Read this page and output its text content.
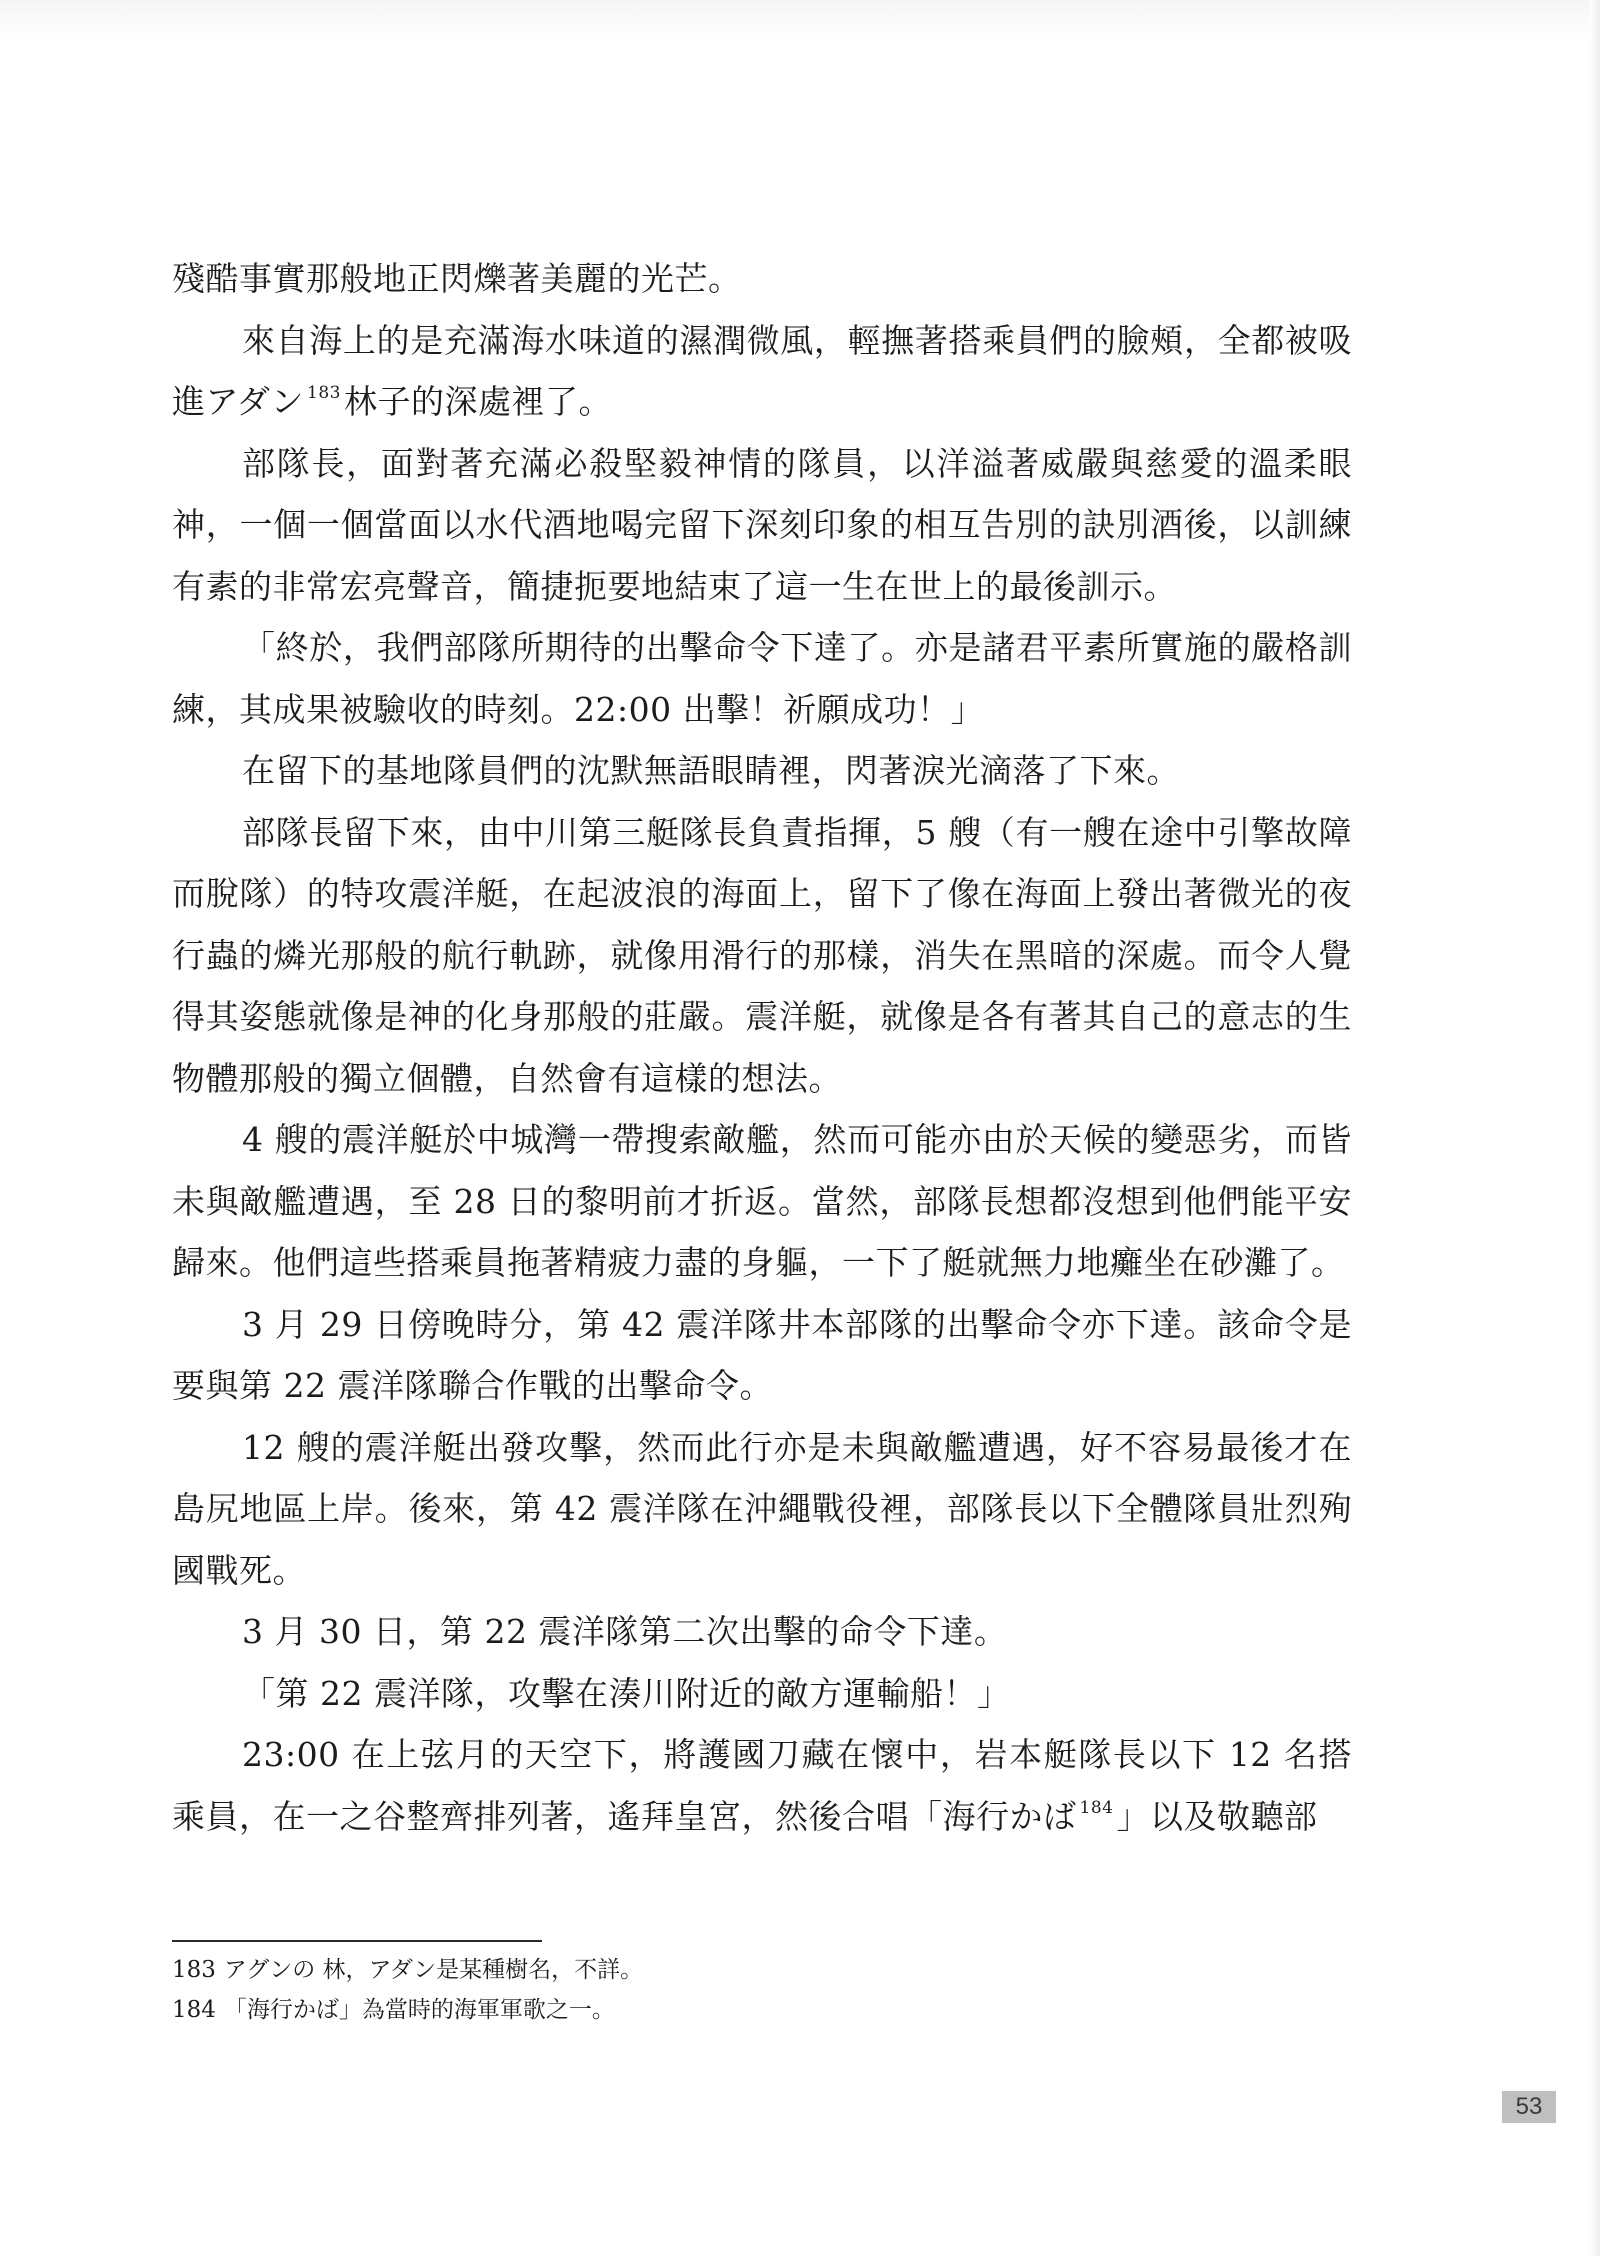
殘酷事實那般地正閃爍著美麗的光芒。

來自海上的是充滿海水味道的濕潤微風，輕撫著搭乘員們的臉頰，全都被吸進アダン $^{183}$林子的深處裡了。

部隊長，面對著充滿必殺堅毅神情的隊員，以洋溢著威嚴與慈愛的溫柔眼神，一個一個當面以水代酒地喝完留下深刻印象的相互告別的訣別酒後，以訓練有素的非常宏亮聲音，簡捷扼要地結束了這一生在世上的最後訓示。

「終於，我們部隊所期待的出擊命令下達了。亦是諸君平素所實施的嚴格訓練，其成果被驗收的時刻。22:00 出擊！祈願成功！」

在留下的基地隊員們的沈默無語眼睛裡，閃著淚光滴落了下來。

部隊長留下來，由中川第三艇隊長負責指揮，5 艘（有一艘在途中引擎故障而脫隊）的特攻震洋艇，在起波浪的海面上，留下了像在海面上發出著微光的夜行蟲的燐光那般的航行軌跡，就像用滑行的那樣，消失在黑暗的深處。而令人覺得其姿態就像是神的化身那般的莊嚴。震洋艇，就像是各有著其自己的意志的生物體那般的獨立個體，自然會有這樣的想法。

4 艘的震洋艇於中城灣一帶搜索敵艦，然而可能亦由於天候的變惡劣，而皆未與敵艦遭遇，至 28 日的黎明前才折返。當然，部隊長想都沒想到他們能平安歸來。他們這些搭乘員拖著精疲力盡的身軀，一下了艇就無力地癱坐在砂灘了。

3 月 29 日傍晚時分，第 42 震洋隊井本部隊的出擊命令亦下達。該命令是要與第 22 震洋隊聯合作戰的出擊命令。

12 艘的震洋艇出發攻擊，然而此行亦是未與敵艦遭遇，好不容易最後才在島尻地區上岸。後來，第 42 震洋隊在沖繩戰役裡，部隊長以下全體隊員壯烈殉國戰死。

3 月 30 日，第 22 震洋隊第二次出擊的命令下達。

「第 22 震洋隊，攻擊在湊川附近的敵方運輸船！」

23:00 在上弦月的天空下，將護國刀藏在懷中，岩本艇隊長以下 12 名搭乘員，在一之谷整齊排列著，遙拜皇宮，然後合唱「海行かば $^{184}$」以及敬聽部

183 アグンの 林，アダン是某種樹名，不詳。

184 「海行かば」為當時的海軍軍歌之一。

53
